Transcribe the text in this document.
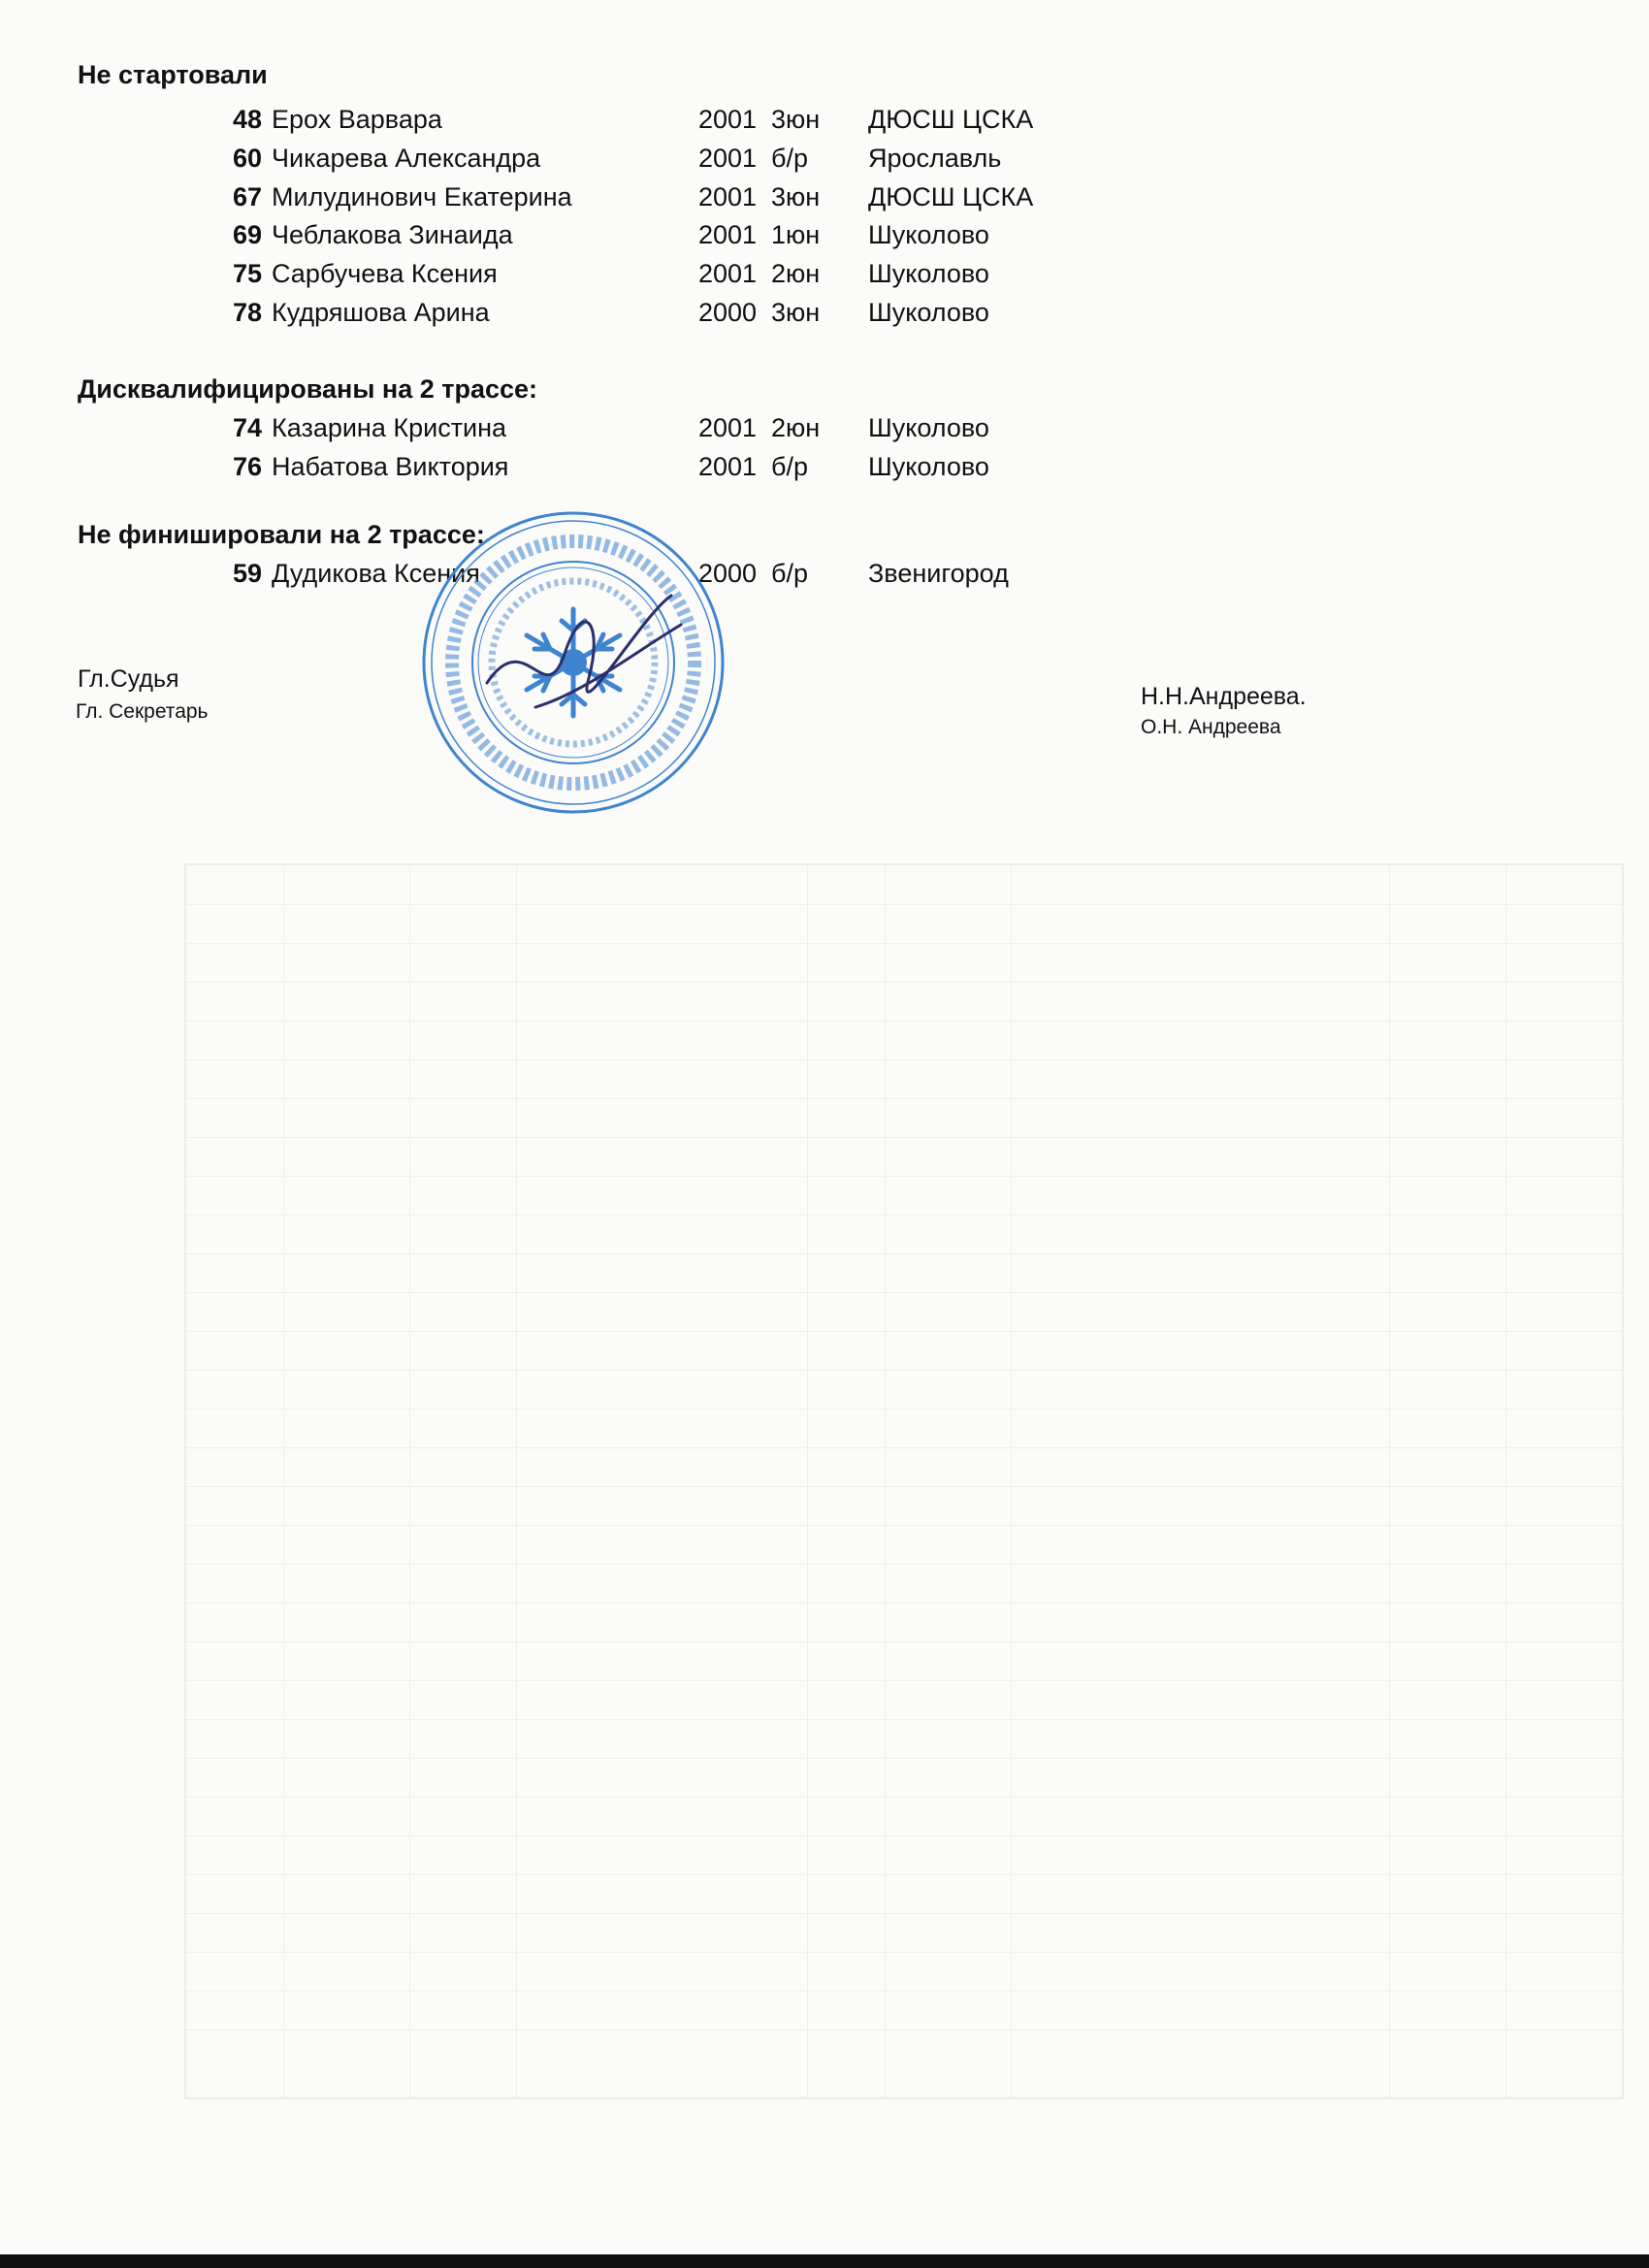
Не стартовали
48 Ерох Варвара	2001 3юн ДЮСШ ЦСКА
60 Чикарева Александра	2001 б/р Ярославль
67 Милудинович Екатерина	2001 3юн ДЮСШ ЦСКА
69 Чеблакова Зинаида	2001 1юн Шуколово
75 Сарбучева Ксения	2001 2юн Шуколово
78 Кудряшова Арина	2000 3юн Шуколово
Дисквалифицированы на 2 трассе:
74 Казарина Кристина	2001 2юн Шуколово
76 Набатова Виктория	2001 б/р Шуколово
Не финишировали на 2 трассе:
59 Дудикова Ксения	2000 б/р Звенигород
Гл.Судья
Гл. Секретарь
Н.Н.Андреева.
О.Н. Андреева
